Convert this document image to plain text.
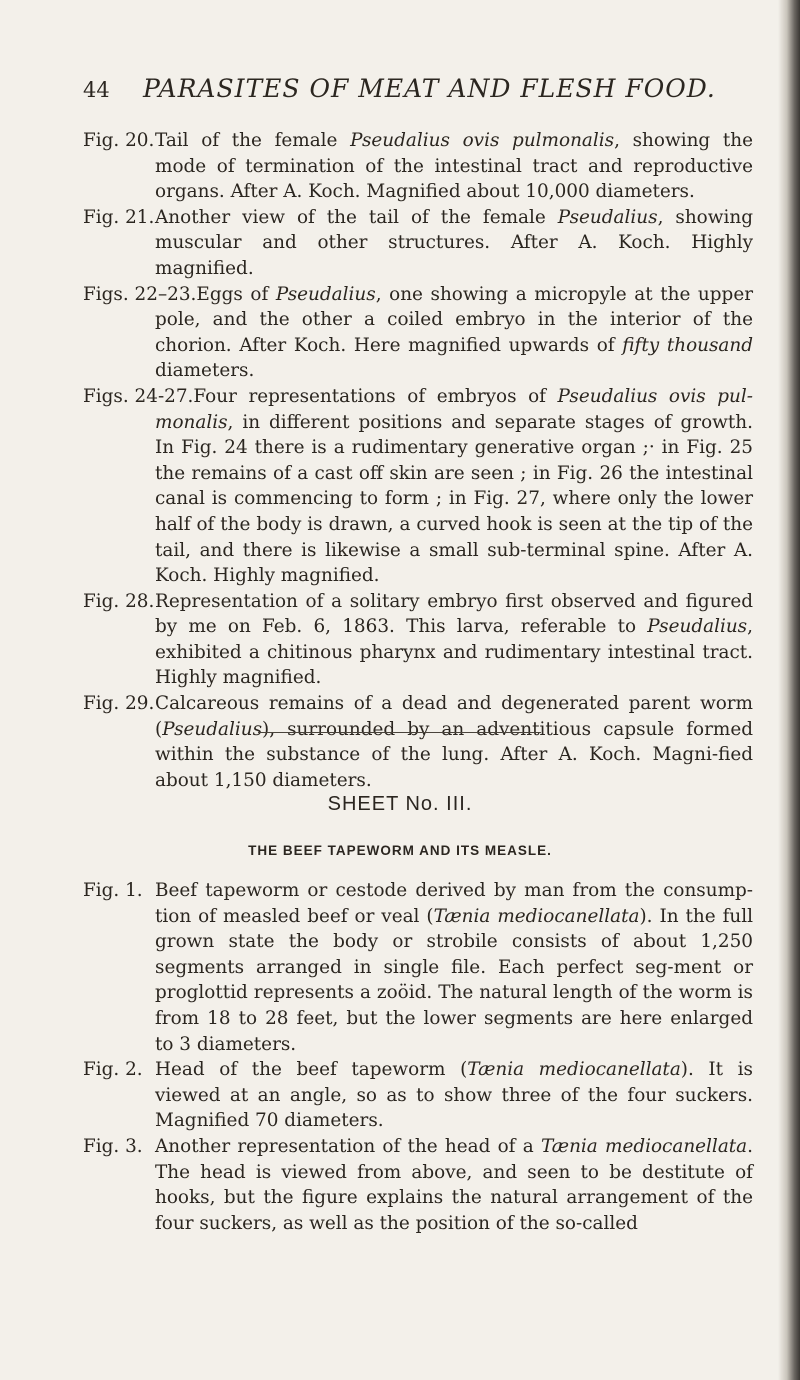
44 PARASITES OF MEAT AND FLESH FOOD.

Fig. 20.Tail of the female Pseudalius ovis pulmonalis, showing the mode of termination of the intestinal tract and reproductive organs. After A. Koch. Magnified about 10,000 diameters.

Fig. 21.Another view of the tail of the female Pseudalius, showing muscular and other structures. After A. Koch. Highly magnified.

Figs. 22–23.Eggs of Pseudalius, one showing a micropyle at the upper pole, and the other a coiled embryo in the interior of the chorion. After Koch. Here magnified upwards of fifty thousand diameters.

Figs. 24-27.Four representations of embryos of Pseudalius ovis pul-monalis, in different positions and separate stages of growth. In Fig. 24 there is a rudimentary generative organ ;· in Fig. 25 the remains of a cast off skin are seen ; in Fig. 26 the intestinal canal is commencing to form ; in Fig. 27, where only the lower half of the body is drawn, a curved hook is seen at the tip of the tail, and there is likewise a small sub-terminal spine. After A. Koch. Highly magnified.

Fig. 28.Representation of a solitary embryo first observed and figured by me on Feb. 6, 1863. This larva, referable to Pseudalius, exhibited a chitinous pharynx and rudimentary intestinal tract. Highly magnified.

Fig. 29.Calcareous remains of a dead and degenerated parent worm (Pseudalius), surrounded by an adventitious capsule formed within the substance of the lung. After A. Koch. Magni-fied about 1,150 diameters.

SHEET No. III.
THE BEEF TAPEWORM AND ITS MEASLE.

Fig. 1. Beef tapeworm or cestode derived by man from the consump-tion of measled beef or veal (Tænia mediocanellata). In the full grown state the body or strobile consists of about 1,250 segments arranged in single file. Each perfect seg-ment or proglottid represents a zoöid. The natural length of the worm is from 18 to 28 feet, but the lower segments are here enlarged to 3 diameters.

Fig. 2. Head of the beef tapeworm (Tænia mediocanellata). It is viewed at an angle, so as to show three of the four suckers. Magnified 70 diameters.

Fig. 3. Another representation of the head of a Tænia mediocanellata. The head is viewed from above, and seen to be destitute of hooks, but the figure explains the natural arrangement of the four suckers, as well as the position of the so-called
